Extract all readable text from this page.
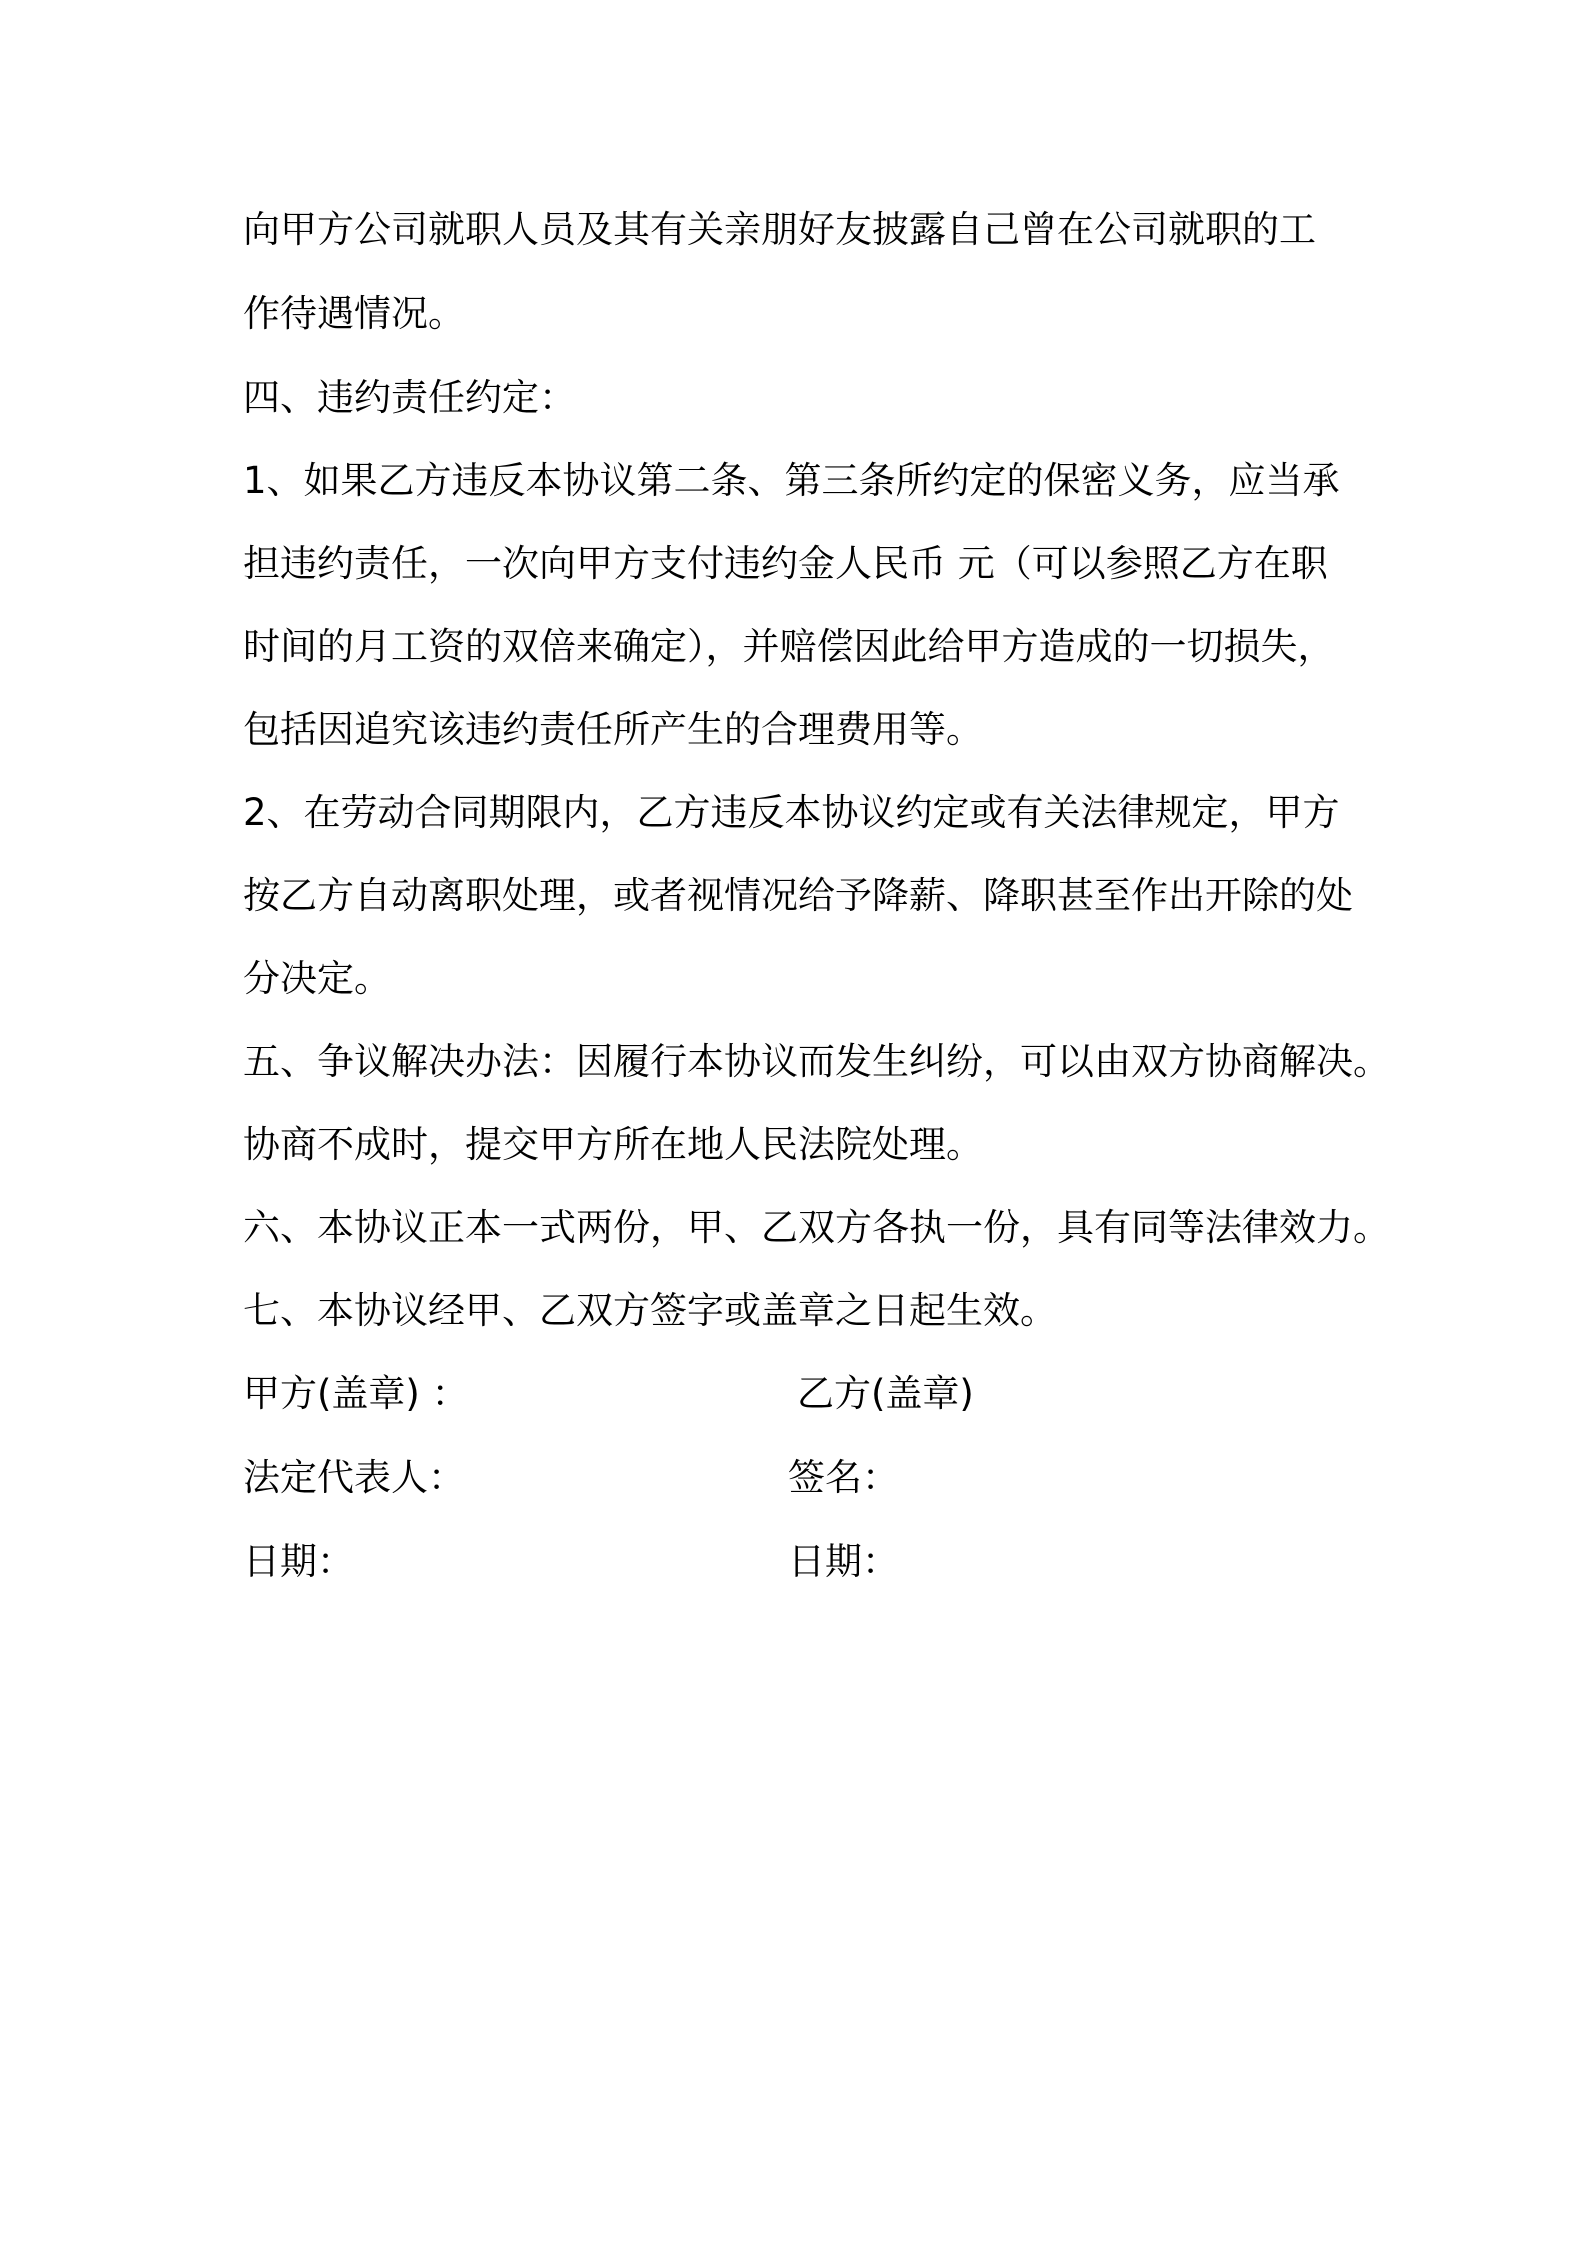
向甲方公司就职人员及其有关亲朋好友披露自己曾在公司就职的工
作待遇情况。
四、违约责任约定：
1、如果乙方违反本协议第二条、第三条所约定的保密义务，应当承
担违约责任，一次向甲方支付违约金人民币 元（可以参照乙方在职
时间的月工资的双倍来确定），并赔偿因此给甲方造成的一切损失，
包括因追究该违约责任所产生的合理费用等。
2、在劳动合同期限内，乙方违反本协议约定或有关法律规定，甲方
按乙方自动离职处理，或者视情况给予降薪、降职甚至作出开除的处
分决定。
五、争议解决办法：因履行本协议而发生纠纷，可以由双方协商解决。
协商不成时，提交甲方所在地人民法院处理。
六、本协议正本一式两份，甲、乙双方各执一份，具有同等法律效力。
七、本协议经甲、乙双方签字或盖章之日起生效。
甲方(盖章) ：	乙方(盖章)
法定代表人：	签名：
日期：	日期：
